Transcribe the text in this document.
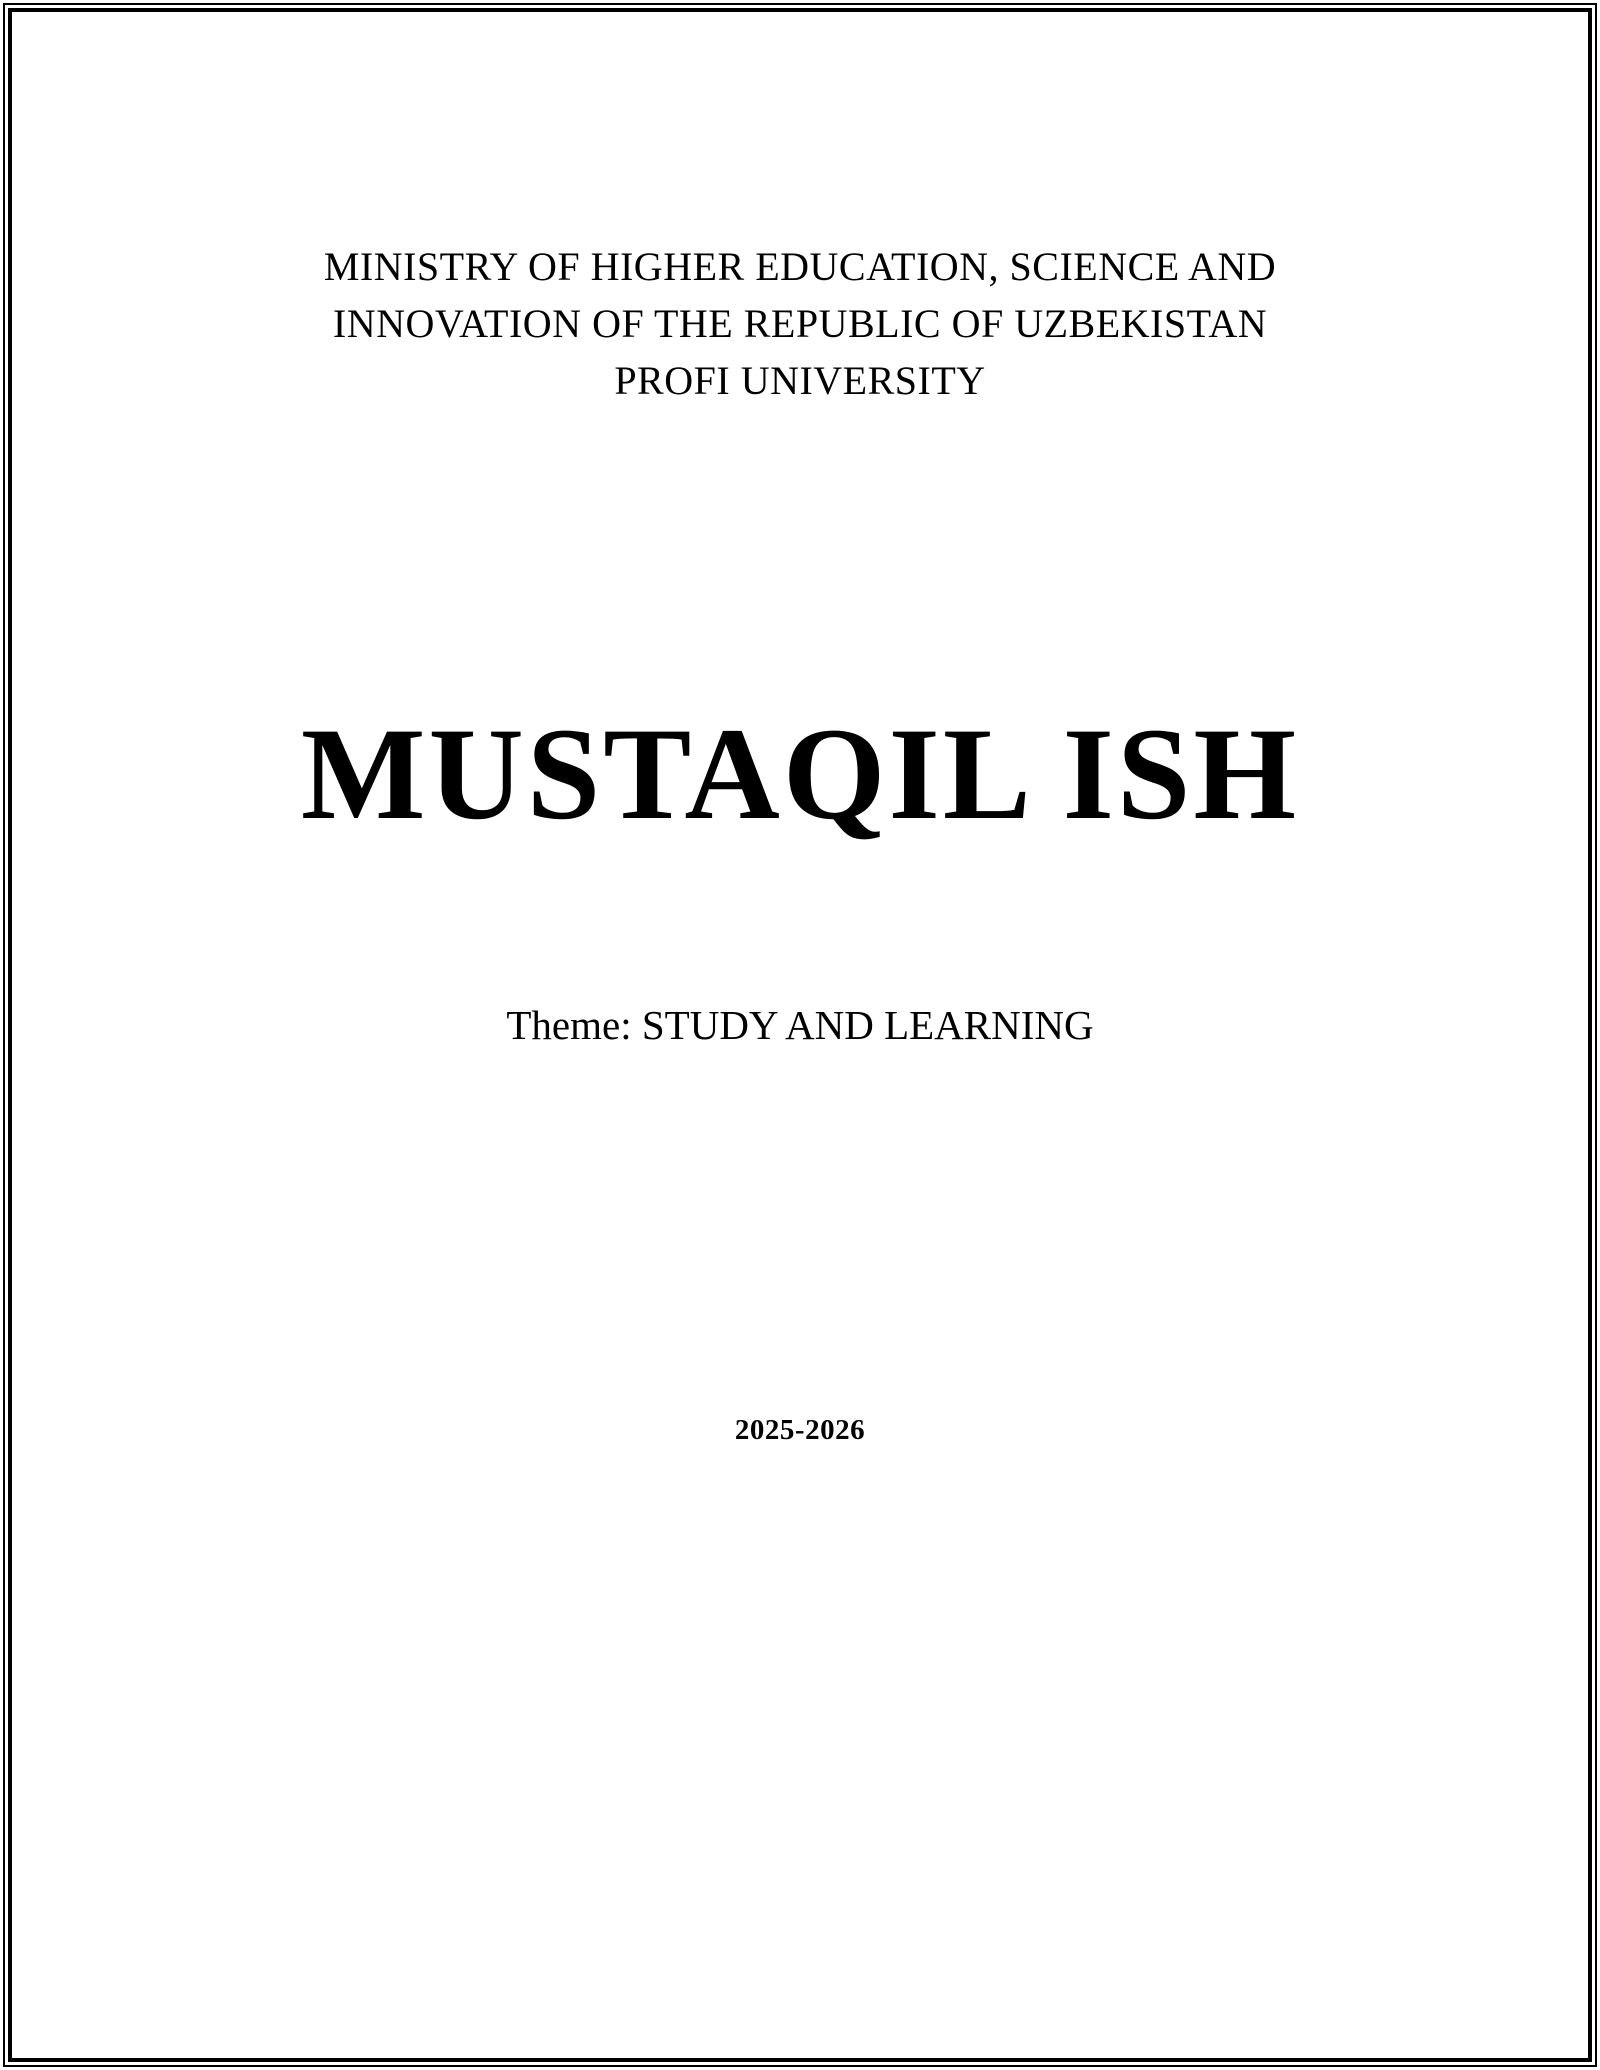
MINISTRY OF HIGHER EDUCATION, SCIENCE AND
INNOVATION OF THE REPUBLIC OF UZBEKISTAN
PROFI UNIVERSITY
MUSTAQIL ISH
Theme: STUDY AND LEARNING
2025-2026
